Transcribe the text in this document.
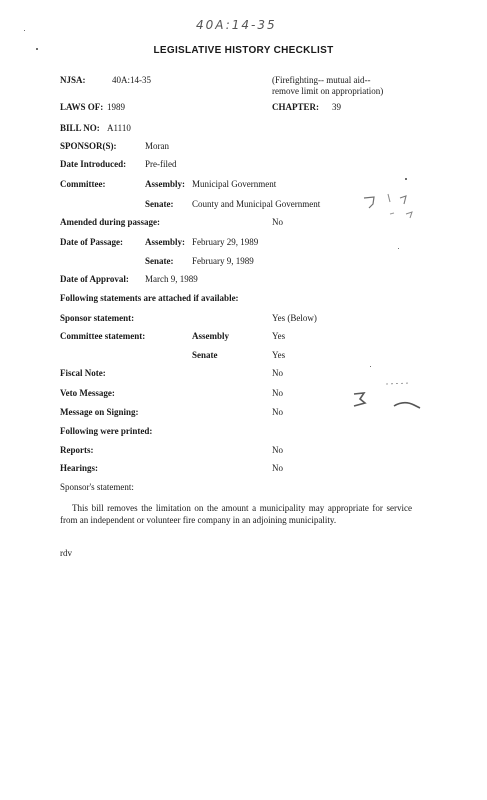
40A:14-35
LEGISLATIVE HISTORY CHECKLIST
NJSA:	40A:14-35	(Firefighting-- mutual aid--
remove limit on appropriation)
LAWS OF: 1989	CHAPTER: 39
BILL NO: A1110
SPONSOR(S):	Moran
Date Introduced: Pre-filed
Committee:	Assembly: Municipal Government
Senate: County and Municipal Government
Amended during passage:	No
Date of Passage: Assembly: February 29, 1989
Senate: February 9, 1989
Date of Approval: March 9, 1989
Following statements are attached if available:
Sponsor statement:	Yes (Below)
Committee statement:	Assembly	Yes
Senate	Yes
Fiscal Note:	No
Veto Message:	No
Message on Signing:	No
Following were printed:
Reports:	No
Hearings:	No
Sponsor's statement:
This bill removes the limitation on the amount a municipality may appropriate for service from an independent or volunteer fire company in an adjoining municipality.
rdv
